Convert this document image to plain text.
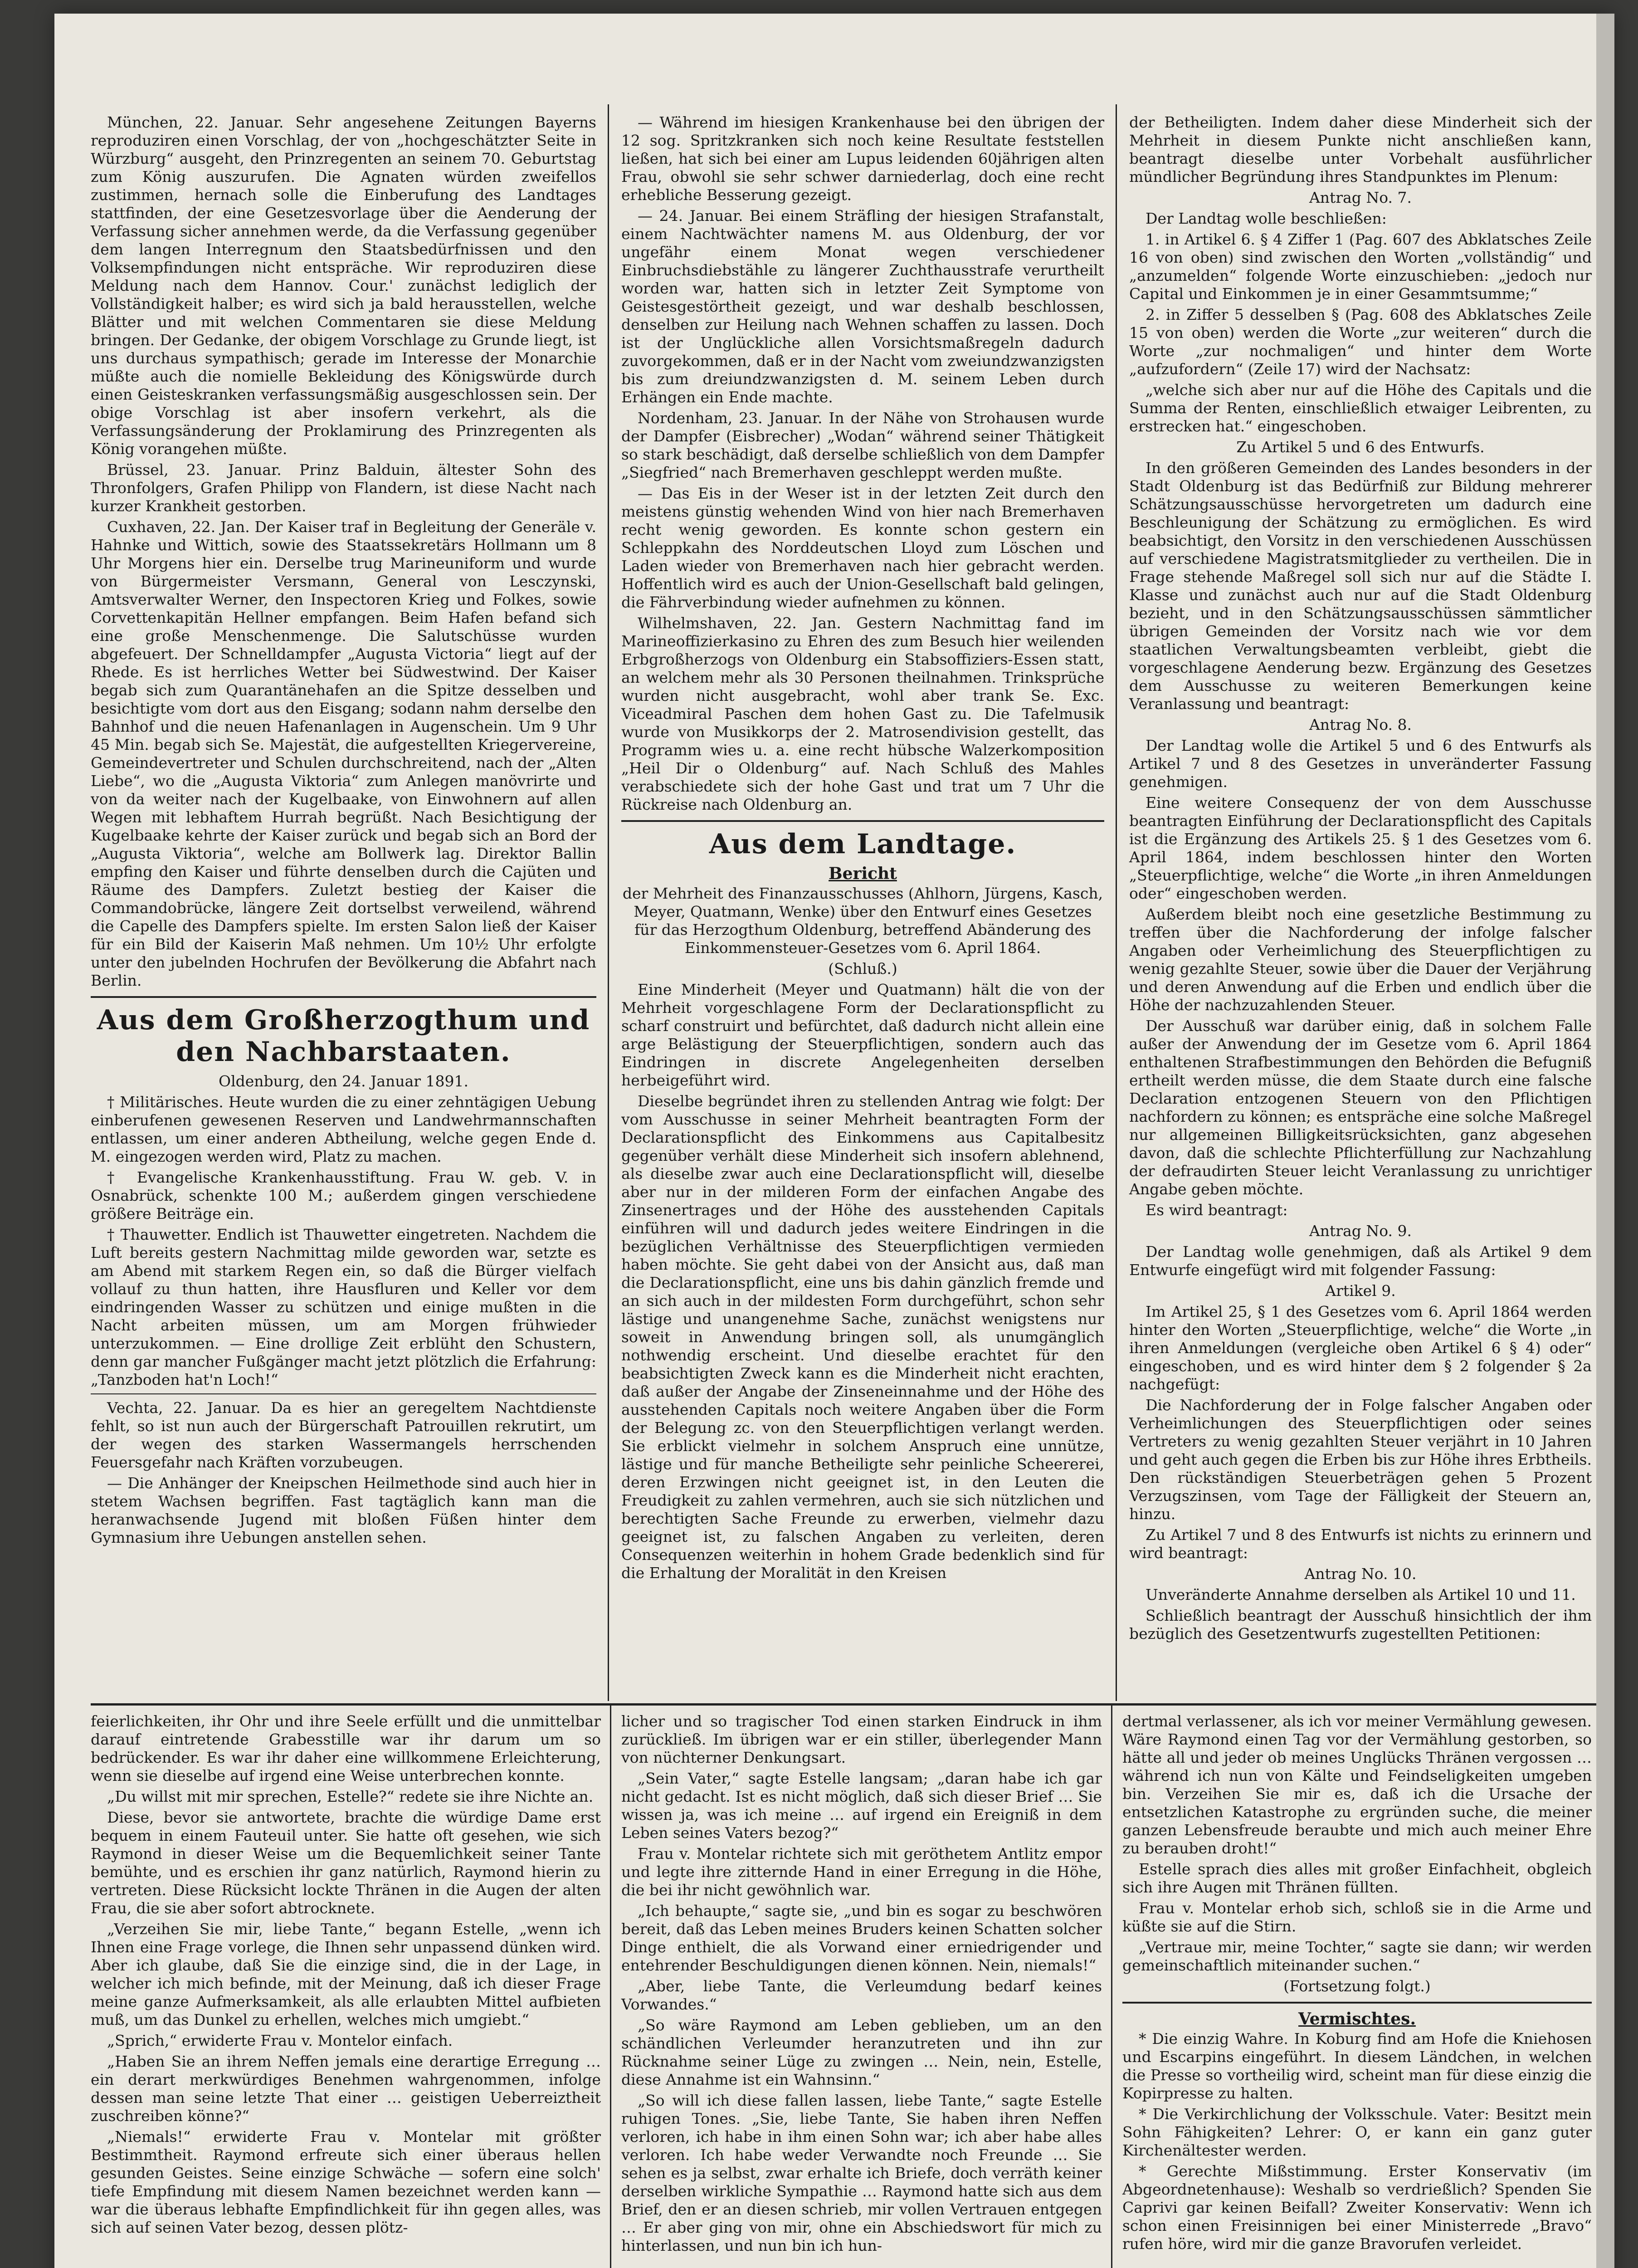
München, 22. Januar. Sehr angesehene Zeitungen Bayerns reproduziren einen Vorschlag, der von „hochgeschätzter Seite in Würzburg“ ausgeht, den Prinzregenten an seinem 70. Geburtstag zum König auszurufen. Die Agnaten würden zweifellos zustimmen, hernach solle die Einberufung des Landtages stattfinden, der eine Gesetzesvorlage über die Aenderung der Verfassung sicher annehmen werde, da die Verfassung gegenüber dem langen Interregnum den Staatsbedürfnissen und den Volksempfindungen nicht entspräche. Wir reproduziren diese Meldung nach dem Hannov. Cour.' zunächst lediglich der Vollständigkeit halber; es wird sich ja bald herausstellen, welche Blätter und mit welchen Commentaren sie diese Meldung bringen. Der Gedanke, der obigem Vorschlage zu Grunde liegt, ist uns durchaus sympathisch; gerade im Interesse der Monarchie müßte auch die nomielle Bekleidung des Königswürde durch einen Geisteskranken verfassungsmäßig ausgeschlossen sein. Der obige Vorschlag ist aber insofern verkehrt, als die Verfassungsänderung der Proklamirung des Prinzregenten als König vorangehen müßte.

Brüssel, 23. Januar. Prinz Balduin, ältester Sohn des Thronfolgers, Grafen Philipp von Flandern, ist diese Nacht nach kurzer Krankheit gestorben.

Cuxhaven, 22. Jan. Der Kaiser traf in Begleitung der Generäle v. Hahnke und Wittich, sowie des Staatssekretärs Hollmann um 8 Uhr Morgens hier ein. Derselbe trug Marineuniform und wurde von Bürgermeister Versmann, General von Lesczynski, Amtsverwalter Werner, den Inspectoren Krieg und Folkes, sowie Corvettenkapitän Hellner empfangen. Beim Hafen befand sich eine große Menschenmenge. Die Salutschüsse wurden abgefeuert. Der Schnelldampfer „Augusta Victoria“ liegt auf der Rhede. Es ist herrliches Wetter bei Südwestwind. Der Kaiser begab sich zum Quarantänehafen an die Spitze desselben und besichtigte vom dort aus den Eisgang; sodann nahm derselbe den Bahnhof und die neuen Hafenanlagen in Augenschein. Um 9 Uhr 45 Min. begab sich Se. Majestät, die aufgestellten Kriegervereine, Gemeindevertreter und Schulen durchschreitend, nach der „Alten Liebe“, wo die „Augusta Viktoria“ zum Anlegen manövrirte und von da weiter nach der Kugelbaake, von Einwohnern auf allen Wegen mit lebhaftem Hurrah begrüßt. Nach Besichtigung der Kugelbaake kehrte der Kaiser zurück und begab sich an Bord der „Augusta Viktoria“, welche am Bollwerk lag. Direktor Ballin empfing den Kaiser und führte denselben durch die Cajüten und Räume des Dampfers. Zuletzt bestieg der Kaiser die Commandobrücke, längere Zeit dortselbst verweilend, während die Capelle des Dampfers spielte. Im ersten Salon ließ der Kaiser für ein Bild der Kaiserin Maß nehmen. Um 10½ Uhr erfolgte unter den jubelnden Hochrufen der Bevölkerung die Abfahrt nach Berlin.

Aus dem Großherzogthum und den Nachbarstaaten.

Oldenburg, den 24. Januar 1891.

† Militärisches. Heute wurden die zu einer zehntägigen Uebung einberufenen gewesenen Reserven und Landwehrmannschaften entlassen, um einer anderen Abtheilung, welche gegen Ende d. M. eingezogen werden wird, Platz zu machen.

† Evangelische Krankenhausstiftung. Frau W. geb. V. in Osnabrück, schenkte 100 M.; außerdem gingen verschiedene größere Beiträge ein.

† Thauwetter. Endlich ist Thauwetter eingetreten. Nachdem die Luft bereits gestern Nachmittag milde geworden war, setzte es am Abend mit starkem Regen ein, so daß die Bürger vielfach vollauf zu thun hatten, ihre Hausfluren und Keller vor dem eindringenden Wasser zu schützen und einige mußten in die Nacht arbeiten müssen, um am Morgen frühwieder unterzukommen. — Eine drollige Zeit erblüht den Schustern, denn gar mancher Fußgänger macht jetzt plötzlich die Erfahrung: „Tanzboden hat'n Loch!“

Vechta, 22. Januar. Da es hier an geregeltem Nachtdienste fehlt, so ist nun auch der Bürgerschaft Patrouillen rekrutirt, um der wegen des starken Wassermangels herrschenden Feuersgefahr nach Kräften vorzubeugen.

— Die Anhänger der Kneipschen Heilmethode sind auch hier in stetem Wachsen begriffen. Fast tagtäglich kann man die heranwachsende Jugend mit bloßen Füßen hinter dem Gymnasium ihre Uebungen anstellen sehen.

— Während im hiesigen Krankenhause bei den übrigen der 12 sog. Spritzkranken sich noch keine Resultate feststellen ließen, hat sich bei einer am Lupus leidenden 60jährigen alten Frau, obwohl sie sehr schwer darniederlag, doch eine recht erhebliche Besserung gezeigt.

— 24. Januar. Bei einem Sträfling der hiesigen Strafanstalt, einem Nachtwächter namens M. aus Oldenburg, der vor ungefähr einem Monat wegen verschiedener Einbruchsdiebstähle zu längerer Zuchthausstrafe verurtheilt worden war, hatten sich in letzter Zeit Symptome von Geistesgestörtheit gezeigt, und war deshalb beschlossen, denselben zur Heilung nach Wehnen schaffen zu lassen. Doch ist der Unglückliche allen Vorsichtsmaßregeln dadurch zuvorgekommen, daß er in der Nacht vom zweiundzwanzigsten bis zum dreiundzwanzigsten d. M. seinem Leben durch Erhängen ein Ende machte.

Nordenham, 23. Januar. In der Nähe von Strohausen wurde der Dampfer (Eisbrecher) „Wodan“ während seiner Thätigkeit so stark beschädigt, daß derselbe schließlich von dem Dampfer „Siegfried“ nach Bremerhaven geschleppt werden mußte.

— Das Eis in der Weser ist in der letzten Zeit durch den meistens günstig wehenden Wind von hier nach Bremerhaven recht wenig geworden. Es konnte schon gestern ein Schleppkahn des Norddeutschen Lloyd zum Löschen und Laden wieder von Bremerhaven nach hier gebracht werden. Hoffentlich wird es auch der Union-Gesellschaft bald gelingen, die Fährverbindung wieder aufnehmen zu können.

Wilhelmshaven, 22. Jan. Gestern Nachmittag fand im Marineoffizierkasino zu Ehren des zum Besuch hier weilenden Erbgroßherzogs von Oldenburg ein Stabsoffiziers-Essen statt, an welchem mehr als 30 Personen theilnahmen. Trinksprüche wurden nicht ausgebracht, wohl aber trank Se. Exc. Viceadmiral Paschen dem hohen Gast zu. Die Tafelmusik wurde von Musikkorps der 2. Matrosendivision gestellt, das Programm wies u. a. eine recht hübsche Walzerkomposition „Heil Dir o Oldenburg“ auf. Nach Schluß des Mahles verabschiedete sich der hohe Gast und trat um 7 Uhr die Rückreise nach Oldenburg an.

Aus dem Landtage.
Bericht

der Mehrheit des Finanzausschusses (Ahlhorn, Jürgens, Kasch, Meyer, Quatmann, Wenke) über den Entwurf eines Gesetzes für das Herzogthum Oldenburg, betreffend Abänderung des Einkommensteuer-Gesetzes vom 6. April 1864.

(Schluß.)

Eine Minderheit (Meyer und Quatmann) hält die von der Mehrheit vorgeschlagene Form der Declarationspflicht zu scharf construirt und befürchtet, daß dadurch nicht allein eine arge Belästigung der Steuerpflichtigen, sondern auch das Eindringen in discrete Angelegenheiten derselben herbeigeführt wird.

Dieselbe begründet ihren zu stellenden Antrag wie folgt: Der vom Ausschusse in seiner Mehrheit beantragten Form der Declarationspflicht des Einkommens aus Capitalbesitz gegenüber verhält diese Minderheit sich insofern ablehnend, als dieselbe zwar auch eine Declarationspflicht will, dieselbe aber nur in der milderen Form der einfachen Angabe des Zinsenertrages und der Höhe des ausstehenden Capitals einführen will und dadurch jedes weitere Eindringen in die bezüglichen Verhältnisse des Steuerpflichtigen vermieden haben möchte. Sie geht dabei von der Ansicht aus, daß man die Declarationspflicht, eine uns bis dahin gänzlich fremde und an sich auch in der mildesten Form durchgeführt, schon sehr lästige und unangenehme Sache, zunächst wenigstens nur soweit in Anwendung bringen soll, als unumgänglich nothwendig erscheint. Und dieselbe erachtet für den beabsichtigten Zweck kann es die Minderheit nicht erachten, daß außer der Angabe der Zinseneinnahme und der Höhe des ausstehenden Capitals noch weitere Angaben über die Form der Belegung zc. von den Steuerpflichtigen verlangt werden. Sie erblickt vielmehr in solchem Anspruch eine unnütze, lästige und für manche Betheiligte sehr peinliche Scheererei, deren Erzwingen nicht geeignet ist, in den Leuten die Freudigkeit zu zahlen vermehren, auch sie sich nützlichen und berechtigten Sache Freunde zu erwerben, vielmehr dazu geeignet ist, zu falschen Angaben zu verleiten, deren Consequenzen weiterhin in hohem Grade bedenklich sind für die Erhaltung der Moralität in den Kreisen

der Betheiligten. Indem daher diese Minderheit sich der Mehrheit in diesem Punkte nicht anschließen kann, beantragt dieselbe unter Vorbehalt ausführlicher mündlicher Begründung ihres Standpunktes im Plenum:

Antrag No. 7.

Der Landtag wolle beschließen:

1. in Artikel 6. § 4 Ziffer 1 (Pag. 607 des Abklatsches Zeile 16 von oben) sind zwischen den Worten „vollständig“ und „anzumelden“ folgende Worte einzuschieben: „jedoch nur Capital und Einkommen je in einer Gesammtsumme;“

2. in Ziffer 5 desselben § (Pag. 608 des Abklatsches Zeile 15 von oben) werden die Worte „zur weiteren“ durch die Worte „zur nochmaligen“ und hinter dem Worte „aufzufordern“ (Zeile 17) wird der Nachsatz:

„welche sich aber nur auf die Höhe des Capitals und die Summa der Renten, einschließlich etwaiger Leibrenten, zu erstrecken hat.“ eingeschoben.

Zu Artikel 5 und 6 des Entwurfs.

In den größeren Gemeinden des Landes besonders in der Stadt Oldenburg ist das Bedürfniß zur Bildung mehrerer Schätzungsausschüsse hervorgetreten um dadurch eine Beschleunigung der Schätzung zu ermöglichen. Es wird beabsichtigt, den Vorsitz in den verschiedenen Ausschüssen auf verschiedene Magistratsmitglieder zu vertheilen. Die in Frage stehende Maßregel soll sich nur auf die Städte I. Klasse und zunächst auch nur auf die Stadt Oldenburg bezieht, und in den Schätzungsausschüssen sämmtlicher übrigen Gemeinden der Vorsitz nach wie vor dem staatlichen Verwaltungsbeamten verbleibt, giebt die vorgeschlagene Aenderung bezw. Ergänzung des Gesetzes dem Ausschusse zu weiteren Bemerkungen keine Veranlassung und beantragt:

Antrag No. 8.

Der Landtag wolle die Artikel 5 und 6 des Entwurfs als Artikel 7 und 8 des Gesetzes in unveränderter Fassung genehmigen.

Eine weitere Consequenz der von dem Ausschusse beantragten Einführung der Declarationspflicht des Capitals ist die Ergänzung des Artikels 25. § 1 des Gesetzes vom 6. April 1864, indem beschlossen hinter den Worten „Steuerpflichtige, welche“ die Worte „in ihren Anmeldungen oder“ eingeschoben werden.

Außerdem bleibt noch eine gesetzliche Bestimmung zu treffen über die Nachforderung der infolge falscher Angaben oder Verheimlichung des Steuerpflichtigen zu wenig gezahlte Steuer, sowie über die Dauer der Verjährung und deren Anwendung auf die Erben und endlich über die Höhe der nachzuzahlenden Steuer.

Der Ausschuß war darüber einig, daß in solchem Falle außer der Anwendung der im Gesetze vom 6. April 1864 enthaltenen Strafbestimmungen den Behörden die Befugniß ertheilt werden müsse, die dem Staate durch eine falsche Declaration entzogenen Steuern von den Pflichtigen nachfordern zu können; es entspräche eine solche Maßregel nur allgemeinen Billigkeitsrücksichten, ganz abgesehen davon, daß die schlechte Pflichterfüllung zur Nachzahlung der defraudirten Steuer leicht Veranlassung zu unrichtiger Angabe geben möchte.

Es wird beantragt:

Antrag No. 9.

Der Landtag wolle genehmigen, daß als Artikel 9 dem Entwurfe eingefügt wird mit folgender Fassung:

Artikel 9.

Im Artikel 25, § 1 des Gesetzes vom 6. April 1864 werden hinter den Worten „Steuerpflichtige, welche“ die Worte „in ihren Anmeldungen (vergleiche oben Artikel 6 § 4) oder“ eingeschoben, und es wird hinter dem § 2 folgender § 2a nachgefügt:

Die Nachforderung der in Folge falscher Angaben oder Verheimlichungen des Steuerpflichtigen oder seines Vertreters zu wenig gezahlten Steuer verjährt in 10 Jahren und geht auch gegen die Erben bis zur Höhe ihres Erbtheils. Den rückständigen Steuerbeträgen gehen 5 Prozent Verzugszinsen, vom Tage der Fälligkeit der Steuern an, hinzu.

Zu Artikel 7 und 8 des Entwurfs ist nichts zu erinnern und wird beantragt:

Antrag No. 10.

Unveränderte Annahme derselben als Artikel 10 und 11.

Schließlich beantragt der Ausschuß hinsichtlich der ihm bezüglich des Gesetzentwurfs zugestellten Petitionen:

feierlichkeiten, ihr Ohr und ihre Seele erfüllt und die unmittelbar darauf eintretende Grabesstille war ihr darum um so bedrückender. Es war ihr daher eine willkommene Erleichterung, wenn sie dieselbe auf irgend eine Weise unterbrechen konnte.

„Du willst mit mir sprechen, Estelle?“ redete sie ihre Nichte an.

Diese, bevor sie antwortete, brachte die würdige Dame erst bequem in einem Fauteuil unter. Sie hatte oft gesehen, wie sich Raymond in dieser Weise um die Bequemlichkeit seiner Tante bemühte, und es erschien ihr ganz natürlich, Raymond hierin zu vertreten. Diese Rücksicht lockte Thränen in die Augen der alten Frau, die sie aber sofort abtrocknete.

„Verzeihen Sie mir, liebe Tante,“ begann Estelle, „wenn ich Ihnen eine Frage vorlege, die Ihnen sehr unpassend dünken wird. Aber ich glaube, daß Sie die einzige sind, die in der Lage, in welcher ich mich befinde, mit der Meinung, daß ich dieser Frage meine ganze Aufmerksamkeit, als alle erlaubten Mittel aufbieten muß, um das Dunkel zu erhellen, welches mich umgiebt.“

„Sprich,“ erwiderte Frau v. Montelor einfach.

„Haben Sie an ihrem Neffen jemals eine derartige Erregung … ein derart merkwürdiges Benehmen wahrgenommen, infolge dessen man seine letzte That einer … geistigen Ueberreiztheit zuschreiben könne?“

„Niemals!“ erwiderte Frau v. Montelar mit größter Bestimmtheit. Raymond erfreute sich einer überaus hellen gesunden Geistes. Seine einzige Schwäche — sofern eine solch' tiefe Empfindung mit diesem Namen bezeichnet werden kann — war die überaus lebhafte Empfindlichkeit für ihn gegen alles, was sich auf seinen Vater bezog, dessen plötz-

licher und so tragischer Tod einen starken Eindruck in ihm zurückließ. Im übrigen war er ein stiller, überlegender Mann von nüchterner Denkungsart.

„Sein Vater,“ sagte Estelle langsam; „daran habe ich gar nicht gedacht. Ist es nicht möglich, daß sich dieser Brief … Sie wissen ja, was ich meine … auf irgend ein Ereigniß in dem Leben seines Vaters bezog?“

Frau v. Montelar richtete sich mit geröthetem Antlitz empor und legte ihre zitternde Hand in einer Erregung in die Höhe, die bei ihr nicht gewöhnlich war.

„Ich behaupte,“ sagte sie, „und bin es sogar zu beschwören bereit, daß das Leben meines Bruders keinen Schatten solcher Dinge enthielt, die als Vorwand einer erniedrigender und entehrender Beschuldigungen dienen können. Nein, niemals!“

„Aber, liebe Tante, die Verleumdung bedarf keines Vorwandes.“

„So wäre Raymond am Leben geblieben, um an den schändlichen Verleumder heranzutreten und ihn zur Rücknahme seiner Lüge zu zwingen … Nein, nein, Estelle, diese Annahme ist ein Wahnsinn.“

„So will ich diese fallen lassen, liebe Tante,“ sagte Estelle ruhigen Tones. „Sie, liebe Tante, Sie haben ihren Neffen verloren, ich habe in ihm einen Sohn war; ich aber habe alles verloren. Ich habe weder Verwandte noch Freunde … Sie sehen es ja selbst, zwar erhalte ich Briefe, doch verräth keiner derselben wirkliche Sympathie … Raymond hatte sich aus dem Brief, den er an diesen schrieb, mir vollen Vertrauen entgegen … Er aber ging von mir, ohne ein Abschiedswort für mich zu hinterlassen, und nun bin ich hun-

dertmal verlassener, als ich vor meiner Vermählung gewesen. Wäre Raymond einen Tag vor der Vermählung gestorben, so hätte all und jeder ob meines Unglücks Thränen vergossen … während ich nun von Kälte und Feindseligkeiten umgeben bin. Verzeihen Sie mir es, daß ich die Ursache der entsetzlichen Katastrophe zu ergründen suche, die meiner ganzen Lebensfreude beraubte und mich auch meiner Ehre zu berauben droht!“

Estelle sprach dies alles mit großer Einfachheit, obgleich sich ihre Augen mit Thränen füllten.

Frau v. Montelar erhob sich, schloß sie in die Arme und küßte sie auf die Stirn.

„Vertraue mir, meine Tochter,“ sagte sie dann; wir werden gemeinschaftlich miteinander suchen.“

(Fortsetzung folgt.)

Vermischtes.

* Die einzig Wahre. In Koburg find am Hofe die Kniehosen und Escarpins eingeführt. In diesem Ländchen, in welchen die Presse so vortheilig wird, scheint man für diese einzig die Kopirpresse zu halten.

* Die Verkirchlichung der Volksschule. Vater: Besitzt mein Sohn Fähigkeiten? Lehrer: O, er kann ein ganz guter Kirchenältester werden.

* Gerechte Mißstimmung. Erster Konservativ (im Abgeordnetenhause): Weshalb so verdrießlich? Spenden Sie Caprivi gar keinen Beifall? Zweiter Konservativ: Wenn ich schon einen Freisinnigen bei einer Ministerrede „Bravo“ rufen höre, wird mir die ganze Bravorufen verleidet.
